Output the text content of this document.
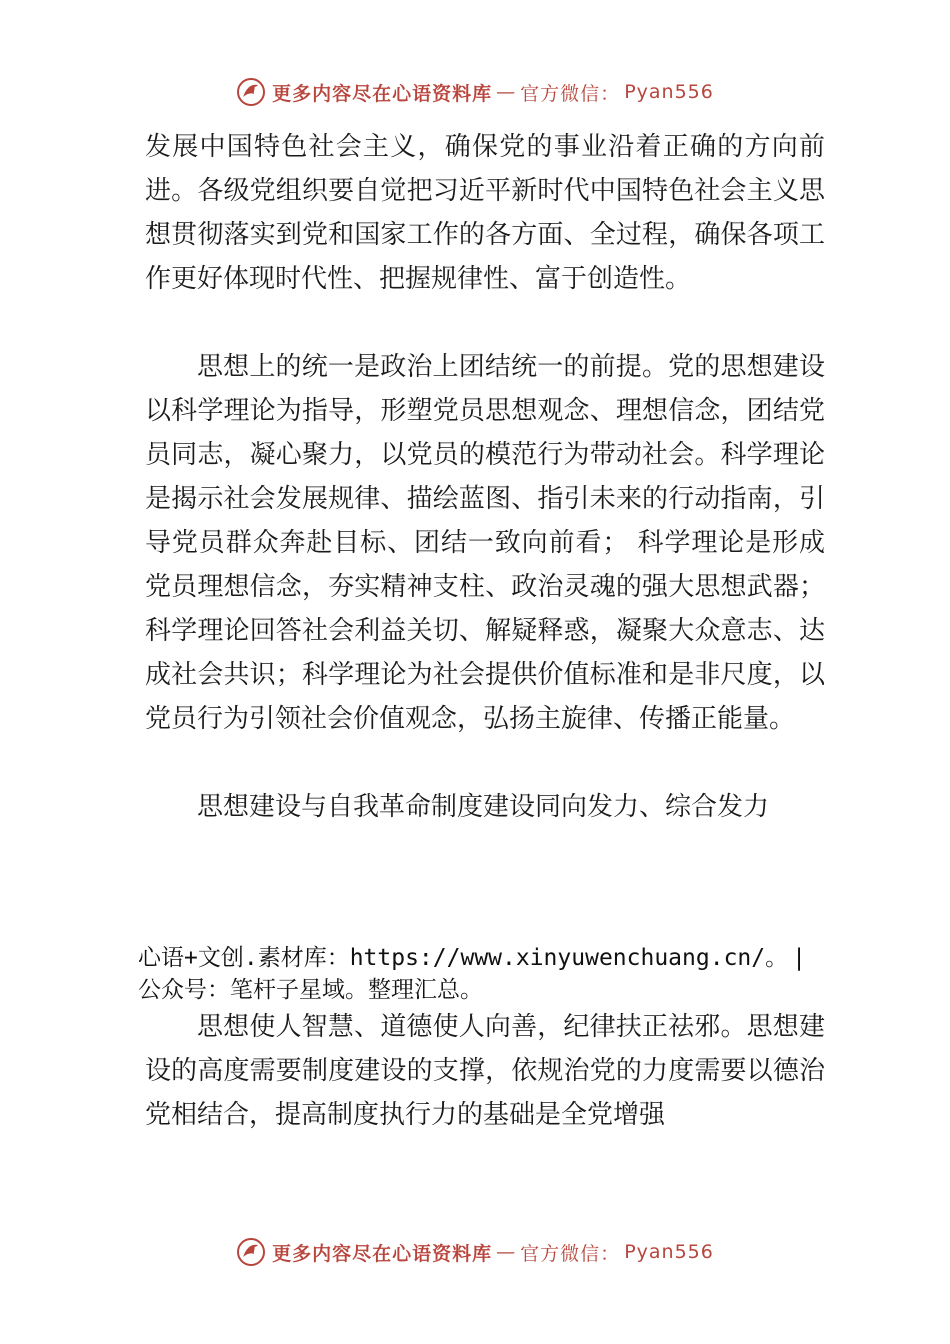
更多内容尽在心语资料库 — 官方微信： Pyan556

发展中国特色社会主义，确保党的事业沿着正确的方向前进。各级党组织要自觉把习近平新时代中国特色社会主义思想贯彻落实到党和国家工作的各方面、全过程，确保各项工作更好体现时代性、把握规律性、富于创造性。

思想上的统一是政治上团结统一的前提。党的思想建设以科学理论为指导，形塑党员思想观念、理想信念，团结党员同志，凝心聚力，以党员的模范行为带动社会。科学理论是揭示社会发展规律、描绘蓝图、指引未来的行动指南，引导党员群众奔赴目标、团结一致向前看； 科学理论是形成党员理想信念，夯实精神支柱、政治灵魂的强大思想武器；科学理论回答社会利益关切、解疑释惑，凝聚大众意志、达成社会共识；科学理论为社会提供价值标准和是非尺度，以党员行为引领社会价值观念，弘扬主旋律、传播正能量。

思想建设与自我革命制度建设同向发力、综合发力

心语+文创.素材库：https://www.xinyuwenchuang.cn/。 |
公众号：笔杆子星域。整理汇总。

思想使人智慧、道德使人向善，纪律扶正祛邪。思想建设的高度需要制度建设的支撑，依规治党的力度需要以德治党相结合，提高制度执行力的基础是全党增强

更多内容尽在心语资料库 — 官方微信： Pyan556
